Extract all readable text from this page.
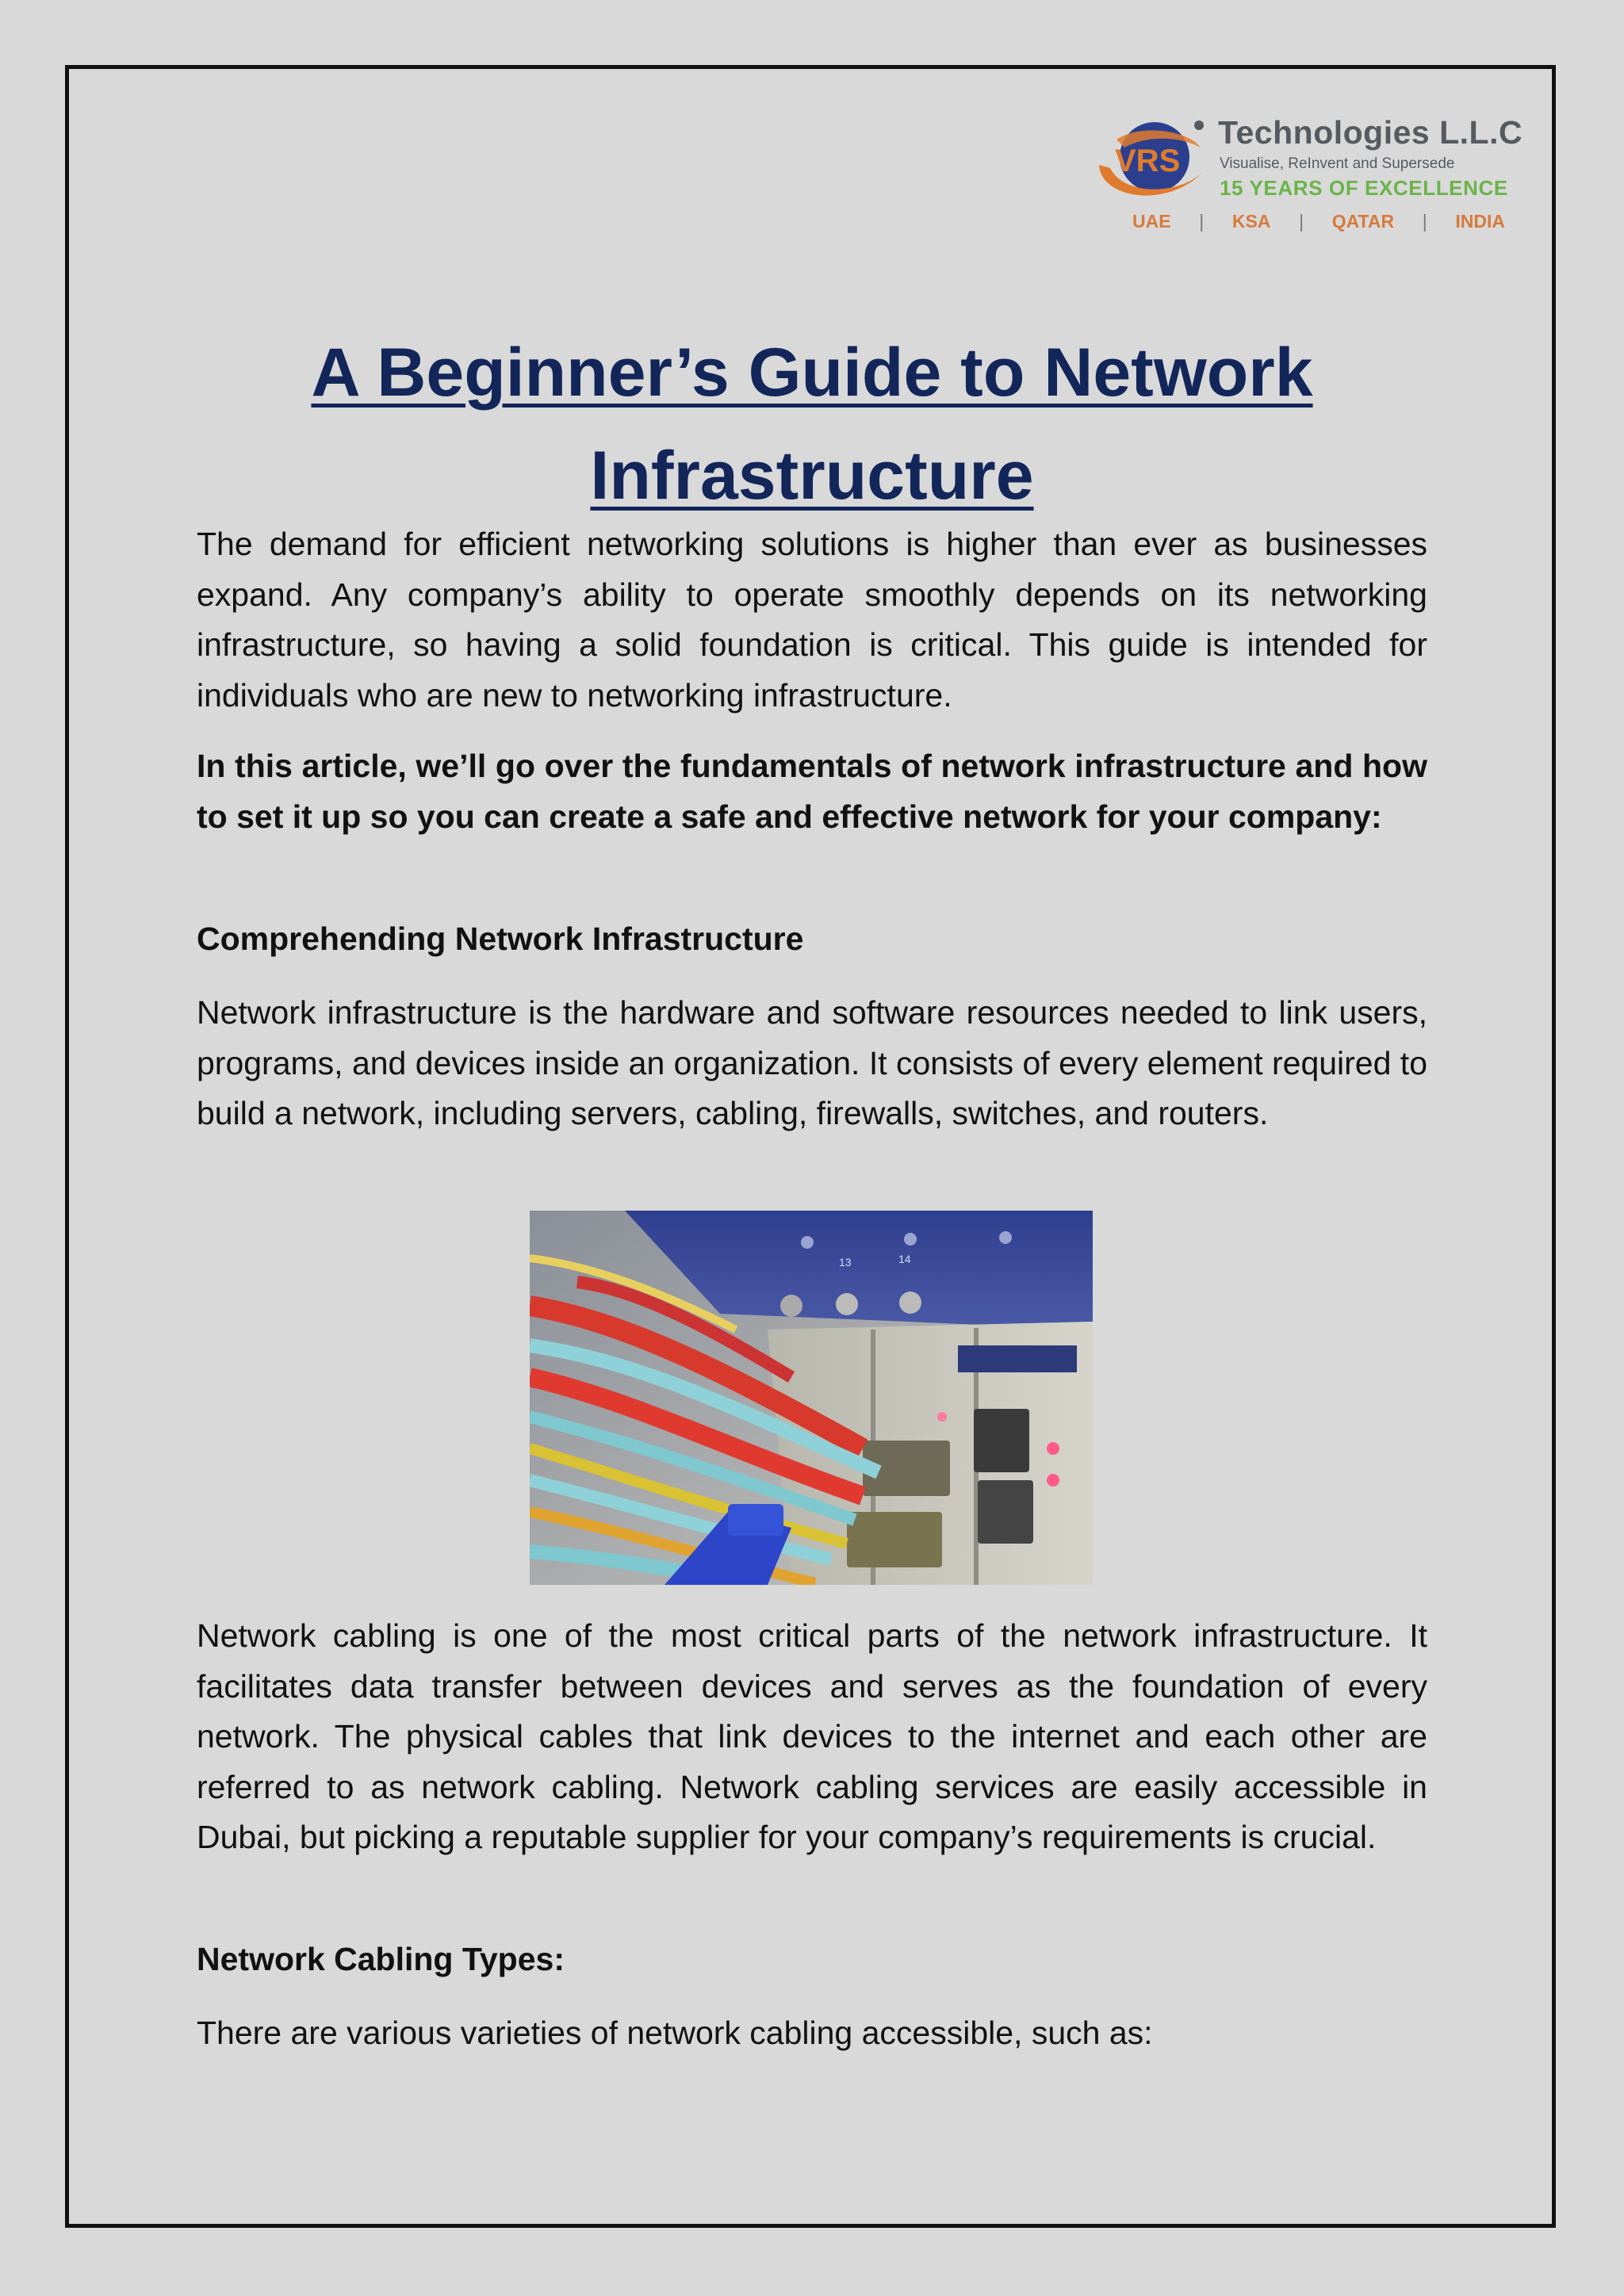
VRS
Technologies L.L.C
Visualise, ReInvent and Supersede
15 YEARS OF EXCELLENCE
UAE | KSA | QATAR | INDIA
A Beginner’s Guide to Network Infrastructure

The demand for efficient networking solutions is higher than ever as businesses expand. Any company’s ability to operate smoothly depends on its networking infrastructure, so having a solid foundation is critical. This guide is intended for individuals who are new to networking infrastructure.

In this article, we’ll go over the fundamentals of network infrastructure and how to set it up so you can create a safe and effective network for your company:

Comprehending Network Infrastructure

Network infrastructure is the hardware and software resources needed to link users, programs, and devices inside an organization. It consists of every element required to build a network, including servers, cabling, firewalls, switches, and routers.

13	14

Network cabling is one of the most critical parts of the network infrastructure. It facilitates data transfer between devices and serves as the foundation of every network. The physical cables that link devices to the internet and each other are referred to as network cabling. Network cabling services are easily accessible in Dubai, but picking a reputable supplier for your company’s requirements is crucial.

Network Cabling Types:

There are various varieties of network cabling accessible, such as:
